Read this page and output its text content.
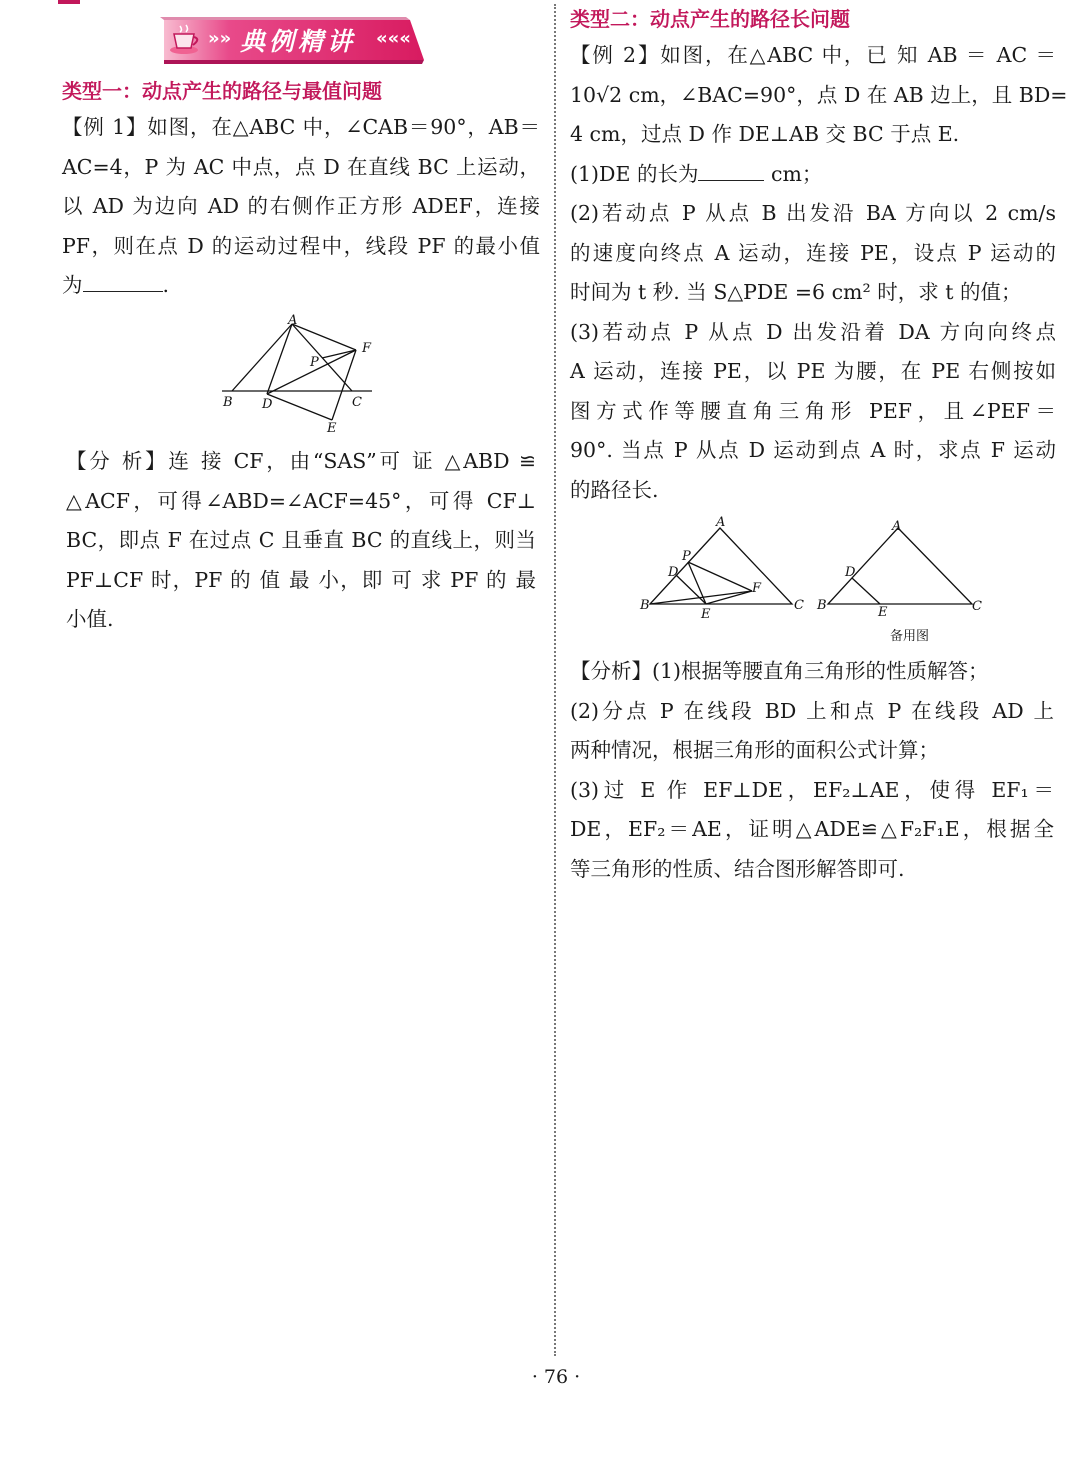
»» 典例精讲 «««
类型一：动点产生的路径与最值问题
【例 1】如图，在△ABC 中，∠CAB＝90°，AB＝
AC=4，P 为 AC 中点，点 D 在直线 BC 上运动，
以 AD 为边向 AD 的右侧作正方形 ADEF，连接
PF，则在点 D 的运动过程中，线段 PF 的最小值
为	.
A
F
P
B D	C
E
【分 析】连 接 CF，由“SAS”可 证 △ABD ≌
△ACF，可得∠ABD=∠ACF=45°，可得 CF⊥
BC，即点 F 在过点 C 且垂直 BC 的直线上，则当
PF⊥CF 时，PF 的 值 最 小，即 可 求 PF 的 最
小值.
类型二：动点产生的路径长问题
【例 2】如图，在△ABC 中，已 知 AB ＝ AC ＝
10√2 cm，∠BAC=90°，点 D 在 AB 边上，且 BD=
4 cm，过点 D 作 DE⊥AB 交 BC 于点 E.
(1)DE 的长为	cm；
(2)若动点 P 从点 B 出发沿 BA 方向以 2 cm/s
的速度向终点 A 运动，连接 PE，设点 P 运动的
时间为 t 秒. 当 S△PDE =6 cm² 时，求 t 的值；
(3)若动点 P 从点 D 出发沿着 DA 方向向终点
A 运动，连接 PE，以 PE 为腰，在 PE 右侧按如
图方式作等腰直角三角形 PEF，且∠PEF＝
90°. 当点 P 从点 D 运动到点 A 时，求点 F 运动
的路径长.
A
P
D
F
B
E
C
A
D
B	E	C
备用图
【分析】(1)根据等腰直角三角形的性质解答；
(2)分点 P 在线段 BD 上和点 P 在线段 AD 上
两种情况，根据三角形的面积公式计算；
(3)过 E 作 EF⊥DE，EF₂⊥AE，使得 EF₁＝
DE，EF₂＝AE，证明△ADE≌△F₂F₁E，根据全
等三角形的性质、结合图形解答即可.
· 76 ·
